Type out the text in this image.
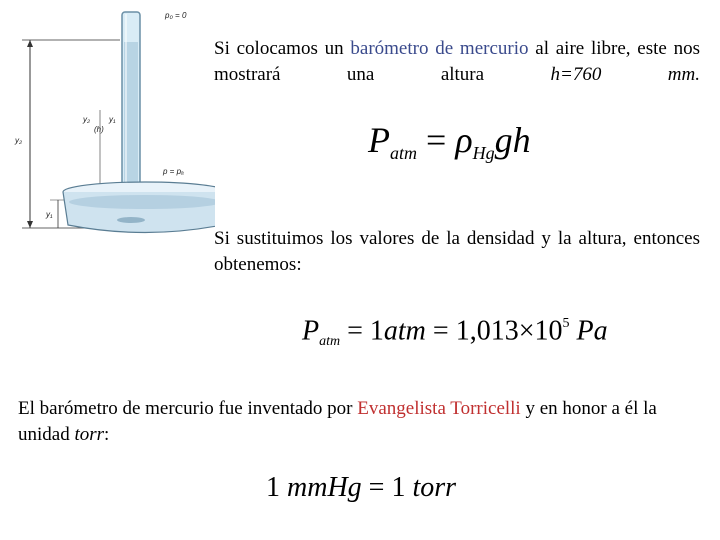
p₀ = 0
p = pₐ
y₂
y₁
y₂ y₁
(h)
Si colocamos un barómetro de mercurio al aire libre, este nos mostrará una altura h=760 mm.
$P_{atm} = \rho_{Hg}gh$
Si sustituimos los valores de la densidad y la altura, entonces obtenemos:
$P_{atm} = 1atm = 1,013\times 10^5$ Pa
El barómetro de mercurio fue inventado por Evangelista Torricelli y en honor a él la unidad torr:
1 mmHg = 1 torr
